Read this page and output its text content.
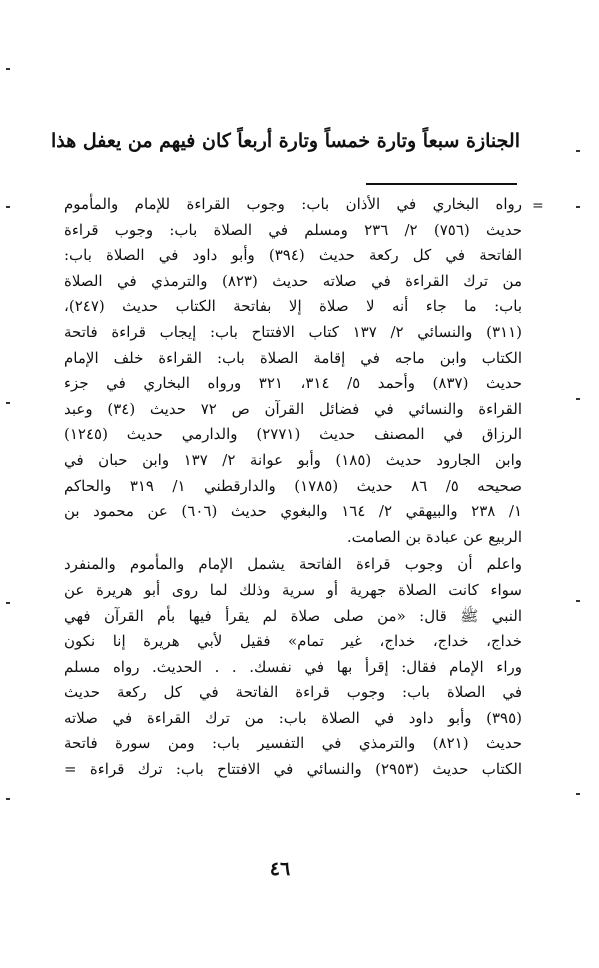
الجنازة سبعاً وتارة خمساً وتارة أربعاً كان فيهم من يعفل هذا
=
رواه البخاري في الأذان باب: وجوب القراءة للإمام والمأموم
حديث (٧٥٦) ٢/ ٢٣٦ ومسلم في الصلاة باب: وجوب قراءة
الفاتحة في كل ركعة حديث (٣٩٤) وأبو داود في الصلاة باب:
من ترك القراءة في صلاته حديث (٨٢٣) والترمذي في الصلاة
باب: ما جاء أنه لا صلاة إلا بفاتحة الكتاب حديث (٢٤٧)،
(٣١١) والنسائي ٢/ ١٣٧ كتاب الافتتاح باب: إيجاب قراءة فاتحة
الكتاب وابن ماجه في إقامة الصلاة باب: القراءة خلف الإمام
حديث (٨٣٧) وأحمد ٥/ ٣١٤، ٣٢١ ورواه البخاري في جزء
القراءة والنسائي في فضائل القرآن ص ٧٢ حديث (٣٤) وعبد
الرزاق في المصنف حديث (٢٧٧١) والدارمي حديث (١٢٤٥)
وابن الجارود حديث (١٨٥) وأبو عوانة ٢/ ١٣٧ وابن حبان في
صحيحه ٥/ ٨٦ حديث (١٧٨٥) والدارقطني ١/ ٣١٩ والحاكم
١/ ٢٣٨ والبيهقي ٢/ ١٦٤ والبغوي حديث (٦٠٦) عن محمود بن
الربيع عن عبادة بن الصامت.
واعلم أن وجوب قراءة الفاتحة يشمل الإمام والمأموم والمنفرد
سواء كانت الصلاة جهرية أو سرية وذلك لما روى أبو هريرة عن
النبي ﷺ قال: «من صلى صلاة لم يقرأ فيها بأم القرآن فهي
خداج، خداج، خداج، غير تمام» فقيل لأبي هريرة إنا نكون
وراء الإمام فقال: إقرأ بها في نفسك. . . الحديث. رواه مسلم
في الصلاة باب: وجوب قراءة الفاتحة في كل ركعة حديث
(٣٩٥) وأبو داود في الصلاة باب: من ترك القراءة في صلاته
حديث (٨٢١) والترمذي في التفسير باب: ومن سورة فاتحة
الكتاب حديث (٢٩٥٣) والنسائي في الافتتاح باب: ترك قراءة =
٤٦
